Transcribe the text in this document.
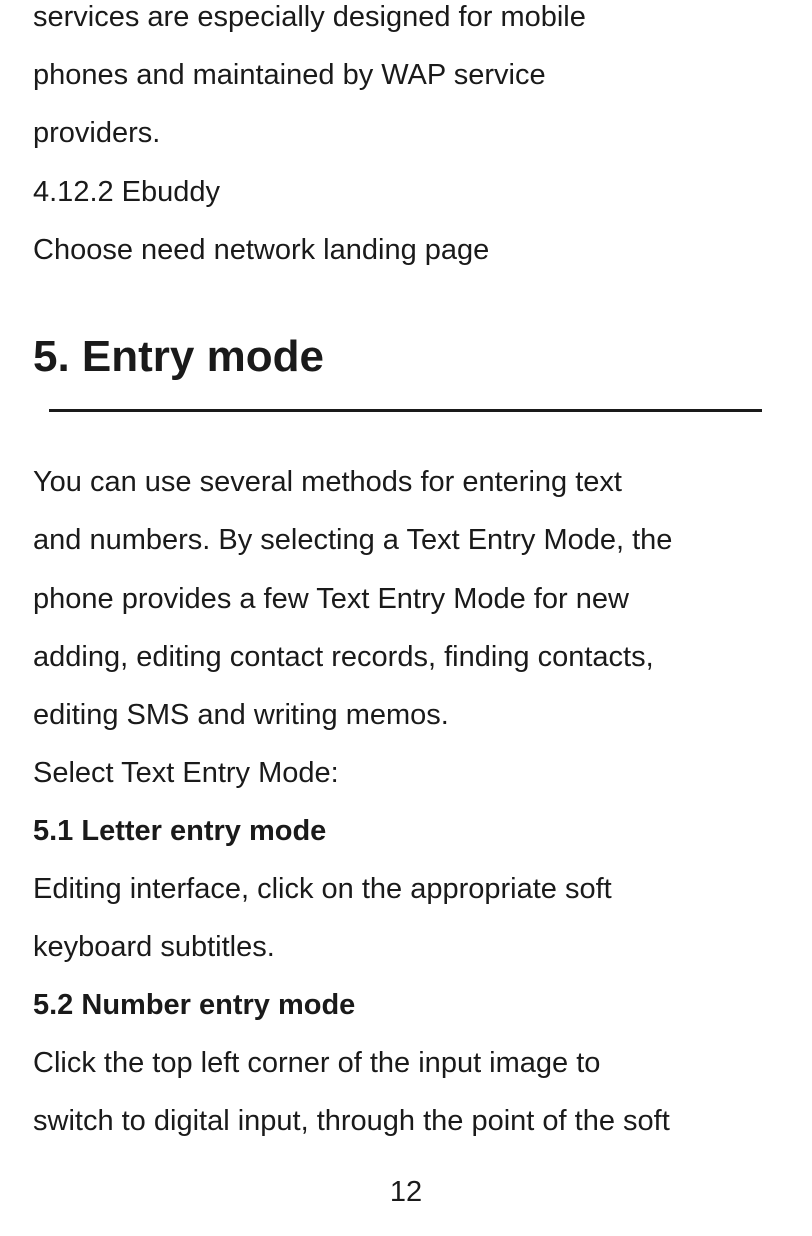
services are especially designed for mobile

phones and maintained by WAP service

providers.

4.12.2 Ebuddy

Choose need network landing page

5. Entry mode

You can use several methods for entering text

and numbers. By selecting a Text Entry Mode, the

phone provides a few Text Entry Mode for new

adding, editing contact records, finding contacts,

editing SMS and writing memos.

Select Text Entry Mode:

5.1 Letter entry mode

Editing interface, click on the appropriate soft

keyboard subtitles.

5.2 Number entry mode

Click the top left corner of the input image to

switch to digital input, through the point of the soft

12
